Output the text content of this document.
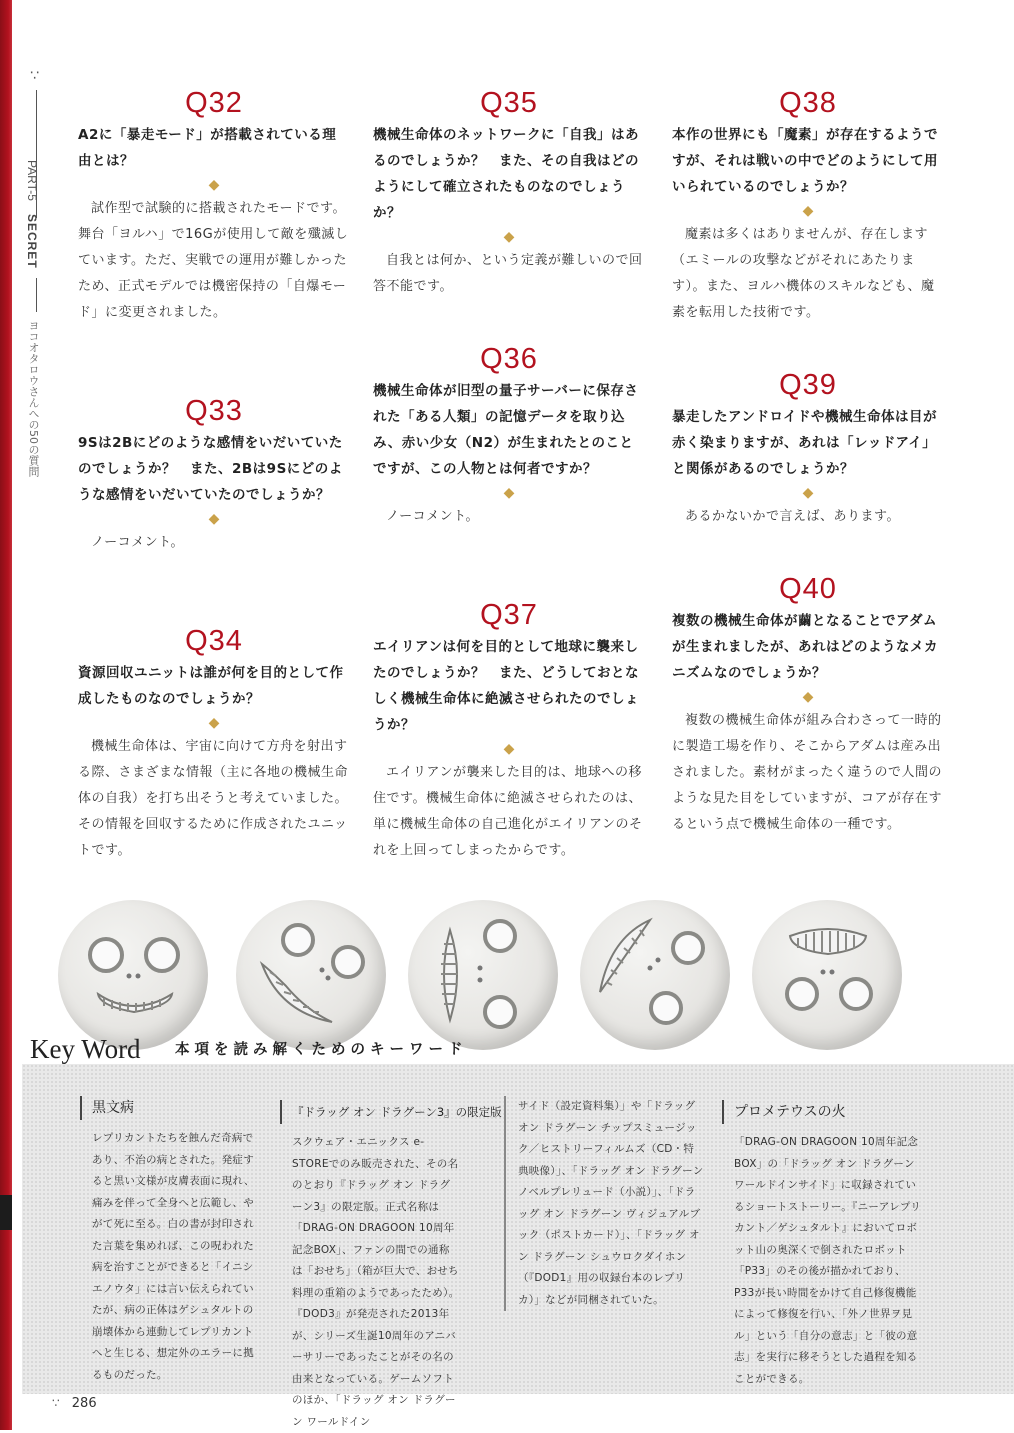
∵
PART-5
SECRET
ヨコオタロウさんへの50の質問
Q32
A2に「暴走モード」が搭載されている理由とは？
◆
試作型で試験的に搭載されたモードです。舞台「ヨルハ」で16Gが使用して敵を殲滅しています。ただ、実戦での運用が難しかったため、正式モデルでは機密保持の「自爆モード」に変更されました。
Q33
9Sは2Bにどのような感情をいだいていたのでしょうか？　また、2Bは9Sにどのような感情をいだいていたのでしょうか？
◆
ノーコメント。
Q34
資源回収ユニットは誰が何を目的として作成したものなのでしょうか？
◆
機械生命体は、宇宙に向けて方舟を射出する際、さまざまな情報（主に各地の機械生命体の自我）を打ち出そうと考えていました。その情報を回収するために作成されたユニットです。
Q35
機械生命体のネットワークに「自我」はあるのでしょうか？　また、その自我はどのようにして確立されたものなのでしょうか？
◆
自我とは何か、という定義が難しいので回答不能です。
Q36
機械生命体が旧型の量子サーバーに保存された「ある人類」の記憶データを取り込み、赤い少女（N2）が生まれたとのことですが、この人物とは何者ですか？
◆
ノーコメント。
Q37
エイリアンは何を目的として地球に襲来したのでしょうか？　また、どうしておとなしく機械生命体に絶滅させられたのでしょうか？
◆
エイリアンが襲来した目的は、地球への移住です。機械生命体に絶滅させられたのは、単に機械生命体の自己進化がエイリアンのそれを上回ってしまったからです。
Q38
本作の世界にも「魔素」が存在するようですが、それは戦いの中でどのようにして用いられているのでしょうか？
◆
魔素は多くはありませんが、存在します（エミールの攻撃などがそれにあたります）。また、ヨルハ機体のスキルなども、魔素を転用した技術です。
Q39
暴走したアンドロイドや機械生命体は目が赤く染まりますが、あれは「レッドアイ」と関係があるのでしょうか？
◆
あるかないかで言えば、あります。
Q40
複数の機械生命体が繭となることでアダムが生まれましたが、あれはどのようなメカニズムなのでしょうか？
◆
複数の機械生命体が組み合わさって一時的に製造工場を作り、そこからアダムは産み出されました。素材がまったく違うので人間のような見た目をしていますが、コアが存在するという点で機械生命体の一種です。
Key Word 本項を読み解くためのキーワード
黒文病
レプリカントたちを蝕んだ奇病であり、不治の病とされた。発症すると黒い文様が皮膚表面に現れ、痛みを伴って全身へと広範し、やがて死に至る。白の書が封印された言葉を集めれば、この呪われた病を治すことができると「イニシエノウタ」には言い伝えられていたが、病の正体はゲシュタルトの崩壊体から連動してレプリカントへと生じる、想定外のエラーに拠るものだった。
『ドラッグ オン ドラグーン3』の限定版
スクウェア・エニックス e-STOREでのみ販売された、その名のとおり『ドラッグ オン ドラグーン3』の限定版。正式名称は「DRAG-ON DRAGOON 10周年記念BOX」、ファンの間での通称は「おせち」（箱が巨大で、おせち料理の重箱のようであったため）。『DOD3』が発売された2013年が、シリーズ生誕10周年のアニバーサリーであったことがその名の由来となっている。ゲームソフトのほか、「ドラッグ オン ドラグーン ワールドイン
サイド（設定資料集）」や「ドラッグ オン ドラグーン チップスミュージック／ヒストリーフィルムズ（CD・特典映像）」、「ドラッグ オン ドラグーン ノベルプレリュード（小説）」、「ドラッグ オン ドラグーン ヴィジュアルブック（ポストカード）」、「ドラッグ オン ドラグーン シュウロクダイホン（『DOD1』用の収録台本のレプリカ）」などが同梱されていた。
プロメテウスの火
「DRAG-ON DRAGOON 10周年記念BOX」の「ドラッグ オン ドラグーン ワールドインサイド」に収録されているショートストーリー。『ニーアレプリカント／ゲシュタルト』においてロボット山の奥深くで倒されたロボット「P33」のその後が描かれており、P33が長い時間をかけて自己修復機能によって修復を行い、「外ノ世界ヲ見ル」という「自分の意志」と「彼の意志」を実行に移そうとした過程を知ることができる。
∵ 286
